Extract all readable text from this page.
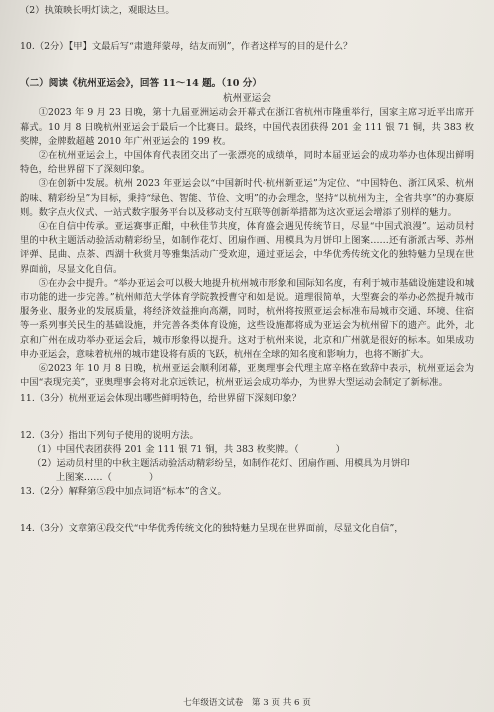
（2）执策映长明灯读之，观眼达旦。
10.（2分）【甲】文最后写“肃遗拜蒙母，结友而别”，作者这样写的目的是什么？
（二）阅读《杭州亚运会》，回答 11～14 题。（10 分）
杭州亚运会

①2023 年 9 月 23 日晚，第十九届亚洲运动会开幕式在浙江省杭州市隆重举行，国家主席习近平出席开幕式。10 月 8 日晚杭州亚运会于最后一个比赛日。最终，中国代表团获得 201 金 111 银 71 铜，共 383 枚奖牌，金牌数超越 2010 年广州亚运会的 199 枚。

②在杭州亚运会上，中国体育代表团交出了一张漂亮的成绩单，同时本届亚运会的成功举办也体现出鲜明特色，给世界留下了深刻印象。

③在创新中发展。杭州 2023 年亚运会以“中国新时代·杭州新亚运”为定位、“中国特色、浙江风采、杭州韵味、精彩纷呈”为目标，秉持“绿色、智能、节俭、文明”的办会理念，坚持“以杭州为主，全省共享”的办赛原则。数字点火仪式、一站式数字服务平台以及移动支付互联等创新举措都为这次亚运会增添了别样的魅力。

④在自信中传承。亚运赛事正酣，中秋佳节共度，体育盛会遇见传统节日，尽显“中国式浪漫”。运动员村里的中秋主题活动验活动精彩纷呈，如制作花灯、团扇作画、用模具为月饼印上图案……还有浙派古琴、苏州评弹、昆曲、点茶、西湖十秋赏月等雅集活动广受欢迎，通过亚运会，中华优秀传统文化的独特魅力呈现在世界面前，尽显文化自信。

⑤在办会中提升。“举办亚运会可以极大地提升杭州城市形象和国际知名度，有利于城市基础设施建设和城市功能的进一步完善。”杭州师范大学体育学院教授曹守和如是说。道理很简单，大型赛会的举办必然提升城市服务业、服务业的发展质量，将经济效益推向高潮，同时，杭州将按照亚运会标准布局城市交通、环境、住宿等一系列事关民生的基础设施，并完善各类体育设施，这些设施都将成为亚运会为杭州留下的遗产。此外，北京和广州在成功举办亚运会后，城市形象得以提升。这对于杭州来说，北京和广州就是很好的标本。如果成功申办亚运会，意味着杭州的城市建设将有质的飞跃，杭州在全球的知名度和影响力，也将不断扩大。

⑥2023 年 10 月 8 日晚，杭州亚运会顺利闭幕，亚奥理事会代理主席辛格在致辞中表示，杭州亚运会为中国“表现完美”，亚奥理事会将对北京远铁记，杭州亚运会成功举办，为世界大型运动会制定了新标准。

11.（3分）杭州亚运会体现出哪些鲜明特色，给世界留下深刻印象？
12.（3分）指出下列句子使用的说明方法。
（1）中国代表团获得 201 金 111 银 71 铜，共 383 枚奖牌。（　　　　）
（2）运动员村里的中秋主题活动验活动精彩纷呈，如制作花灯、团扇作画、用模具为月饼印
上图案……（　　　　）
13.（2分）解释第⑤段中加点词语“标本”的含义。
14.（3分）文章第④段交代“中华优秀传统文化的独特魅力呈现在世界面前，尽显文化自信”，
七年级语文试卷　第 3 页 共 6 页
